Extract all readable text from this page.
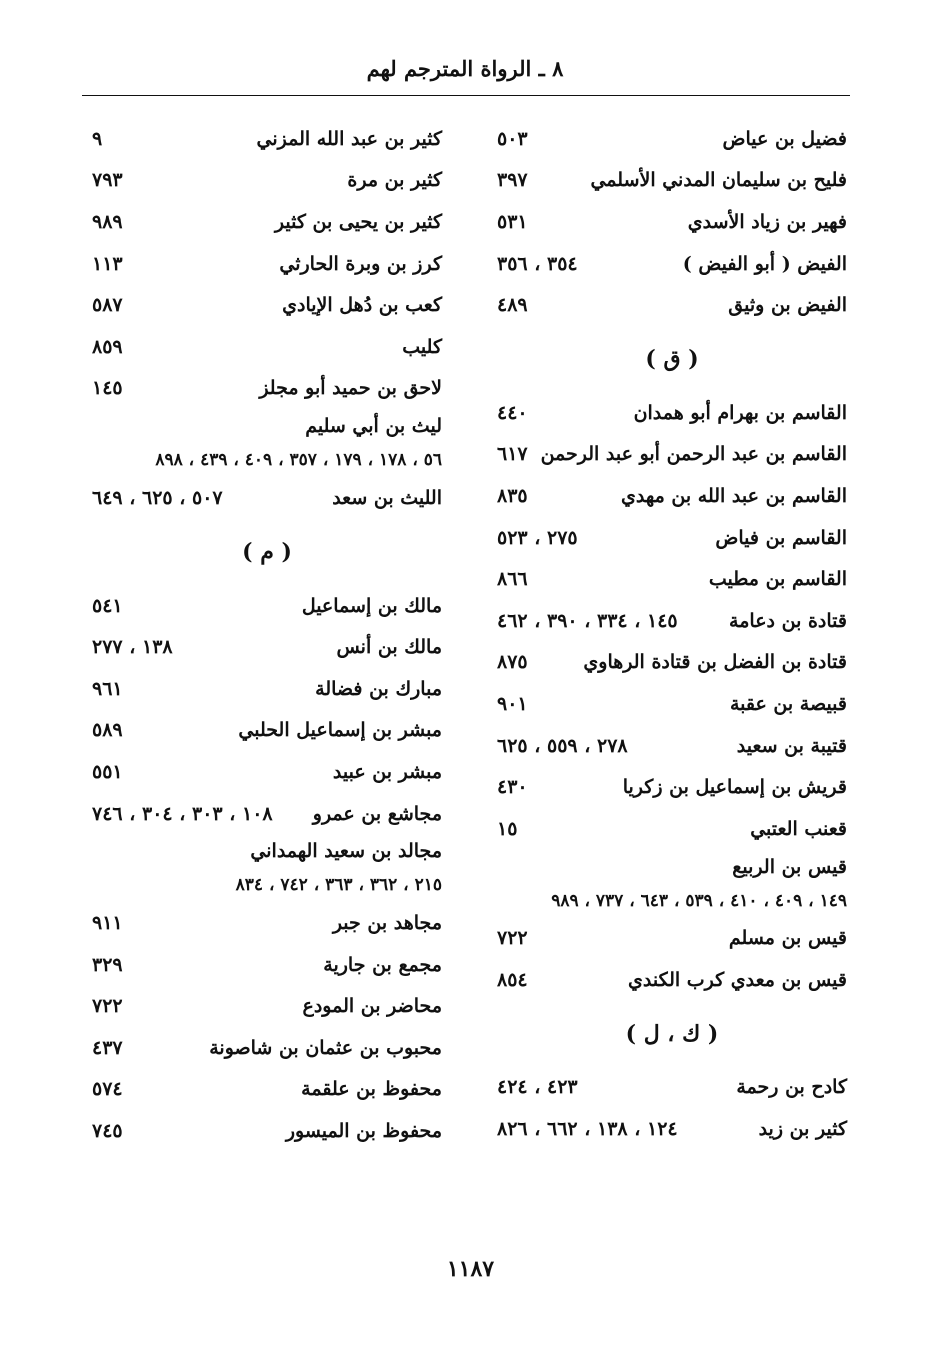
٨ ـ الرواة المترجم لهم
فضيل بن عياض
٥٠٣
فليح بن سليمان المدني الأسلمي
٣٩٧
فهير بن زياد الأسدي
٥٣١
الفيض ( أبو الفيض )
٣٥٤ ، ٣٥٦
الفيض بن وثيق
٤٨٩
( ق )
القاسم بن بهرام أبو همدان
٤٤٠
القاسم بن عبد الرحمن أبو عبد الرحمن
٦١٧
القاسم بن عبد الله بن مهدي
٨٣٥
القاسم بن فياض
٢٧٥ ، ٥٢٣
القاسم بن مطيب
٨٦٦
قتادة بن دعامة
١٤٥ ، ٣٣٤ ، ٣٩٠ ، ٤٦٢
قتادة بن الفضل بن قتادة الرهاوي
٨٧٥
قبيصة بن عقبة
٩٠١
قتيبة بن سعيد
٢٧٨ ، ٥٥٩ ، ٦٢٥
قريش بن إسماعيل بن زكريا
٤٣٠
قعنب العتبي
١٥
قيس بن الربيع
١٤٩ ، ٤٠٩ ، ٤١٠ ، ٥٣٩ ، ٦٤٣ ، ٧٣٧ ، ٩٨٩
قيس بن مسلم
٧٢٢
قيس بن معدي كرب الكندي
٨٥٤
( ك ، ل )
كادح بن رحمة
٤٢٣ ، ٤٢٤
كثير بن زيد
١٢٤ ، ١٣٨ ، ٦٦٢ ، ٨٢٦
كثير بن عبد الله المزني
٩
كثير بن مرة
٧٩٣
كثير بن يحيى بن كثير
٩٨٩
كرز بن وبرة الحارثي
١١٣
كعب بن دُهل الإيادي
٥٨٧
كليب
٨٥٩
لاحق بن حميد أبو مجلز
١٤٥
ليث بن أبي سليم
٥٦ ، ١٧٨ ، ١٧٩ ، ٣٥٧ ، ٤٠٩ ، ٤٣٩ ، ٨٩٨
الليث بن سعد
٥٠٧ ، ٦٢٥ ، ٦٤٩
( م )
مالك بن إسماعيل
٥٤١
مالك بن أنس
١٣٨ ، ٢٧٧
مبارك بن فضالة
٩٦١
مبشر بن إسماعيل الحلبي
٥٨٩
مبشر بن عبيد
٥٥١
مجاشع بن عمرو
١٠٨ ، ٣٠٣ ، ٣٠٤ ، ٧٤٦
مجالد بن سعيد الهمداني
٢١٥ ، ٣٦٢ ، ٣٦٣ ، ٧٤٢ ، ٨٣٤
مجاهد بن جبر
٩١١
مجمع بن جارية
٣٢٩
محاضر بن المودع
٧٢٢
محبوب بن عثمان بن شاصونة
٤٣٧
محفوظ بن علقمة
٥٧٤
محفوظ بن الميسور
٧٤٥
١١٨٧
